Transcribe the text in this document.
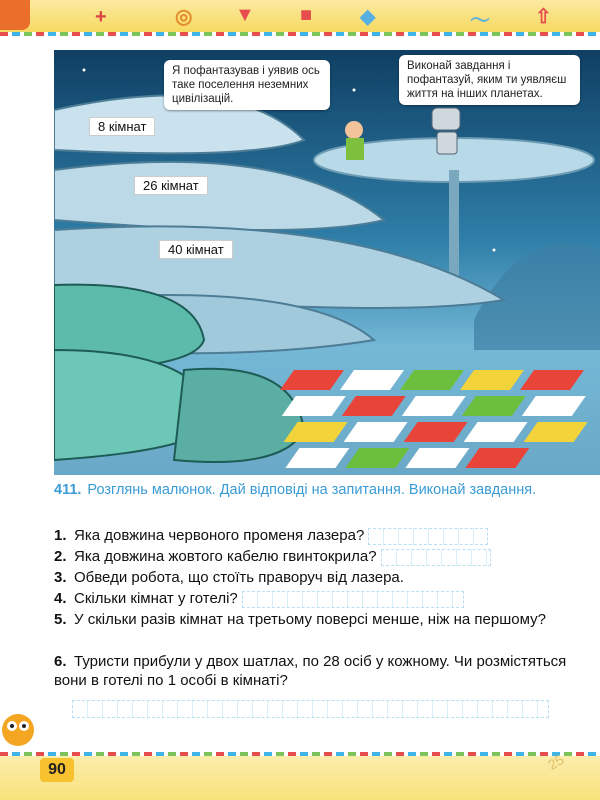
+	◎ ▼ ■ ◆	〜 ⇧
Я пофантазував і уявив ось таке поселення неземних цивілізацій.
Виконай завдання і пофантазуй, яким ти уявляєш життя на інших планетах.
8 кімнат
26 кімнат
40 кімнат
411. Розглянь малюнок. Дай відповіді на запитання. Виконай завдання.
1. Яка довжина червоного променя лазера?
2. Яка довжина жовтого кабелю гвинтокрила?
3. Обведи робота, що стоїть праворуч від лазера.
4. Скільки кімнат у готелі?
5. У скільки разів кімнат на третьому поверсі менше, ніж на першому?
6. Туристи прибули у двох шатлах, по 28 осіб у кожному. Чи розмістяться вони в готелі по 1 особі в кімнаті?
90	25
